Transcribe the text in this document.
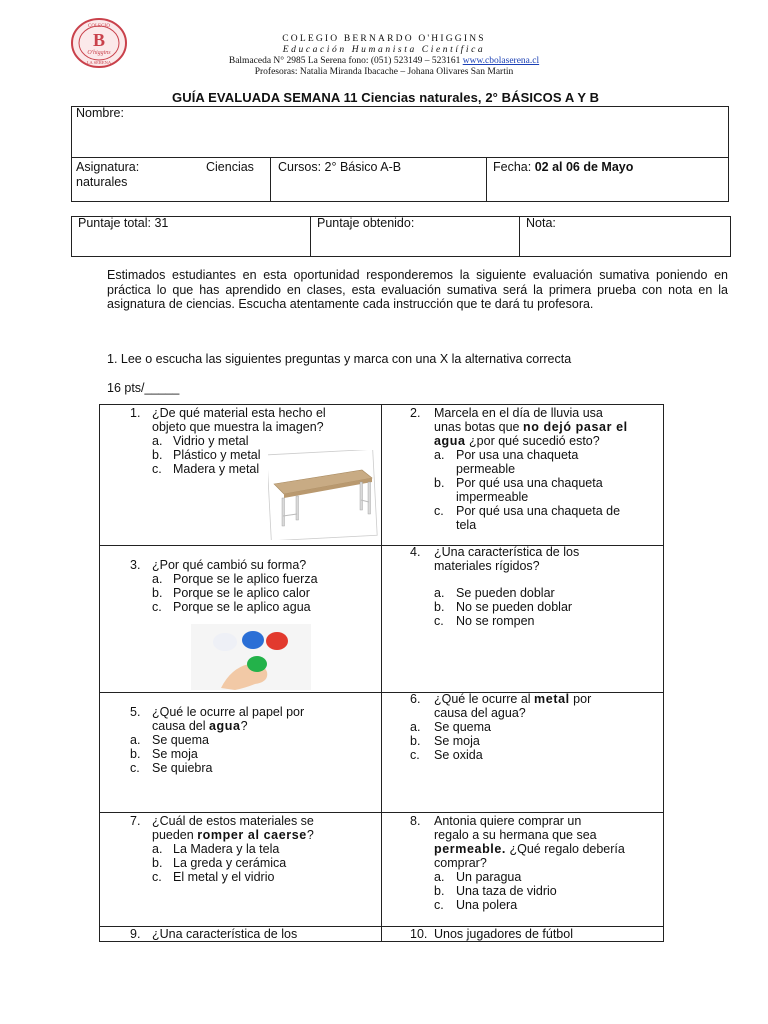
COLEGIO
B
O'higgins
LA SERENA
COLEGIO BERNARDO O'HIGGINS
Educación Humanista Científica
Balmaceda N° 2985 La Serena fono: (051) 523149 – 523161 www.cbolaserena.cl
Profesoras: Natalia Miranda Ibacache – Johana Olivares San Martin
GUÍA EVALUADA SEMANA 11 Ciencias naturales, 2° BÁSICOS A Y B
Nombre:
Asignatura:	Ciencias
naturales
Cursos: 2° Básico A-B	Fecha: 02 al 06 de Mayo
Puntaje total: 31	Puntaje obtenido:	Nota:

Estimados estudiantes en esta oportunidad responderemos la siguiente evaluación sumativa poniendo en práctica lo que has aprendido en clases, esta evaluación sumativa será la primera prueba con nota en la asignatura de ciencias. Escucha atentamente cada instrucción que te dará tu profesora.

1. Lee o escucha las siguientes preguntas y marca con una X la alternativa correcta
16 pts/_____
1. ¿De qué material esta hecho el
objeto que muestra la imagen?
a. Vidrio y metal
b. Plástico y metal
c. Madera y metal
2. Marcela en el día de lluvia usa
unas botas que no dejó pasar el
agua ¿por qué sucedió esto?
a. Por usa una chaqueta
permeable
b. Por qué usa una chaqueta
impermeable
c. Por qué usa una chaqueta de
tela
3. ¿Por qué cambió su forma?
a. Porque se le aplico fuerza
b. Porque se le aplico calor
c. Porque se le aplico agua
4. ¿Una característica de los
materiales rígidos?
a. Se pueden doblar
b. No se pueden doblar
c. No se rompen
5. ¿Qué le ocurre al papel por
causa del agua?
a. Se quema
b. Se moja
c. Se quiebra
6. ¿Qué le ocurre al metal por
causa del agua?
a. Se quema
b. Se moja
c. Se oxida
7. ¿Cuál de estos materiales se
pueden romper al caerse?
a. La Madera y la tela
b. La greda y cerámica
c. El metal y el vidrio
8. Antonia quiere comprar un
regalo a su hermana que sea
permeable. ¿Qué regalo debería
comprar?
a. Un paragua
b. Una taza de vidrio
c. Una polera
9. ¿Una característica de los	10. Unos jugadores de fútbol
